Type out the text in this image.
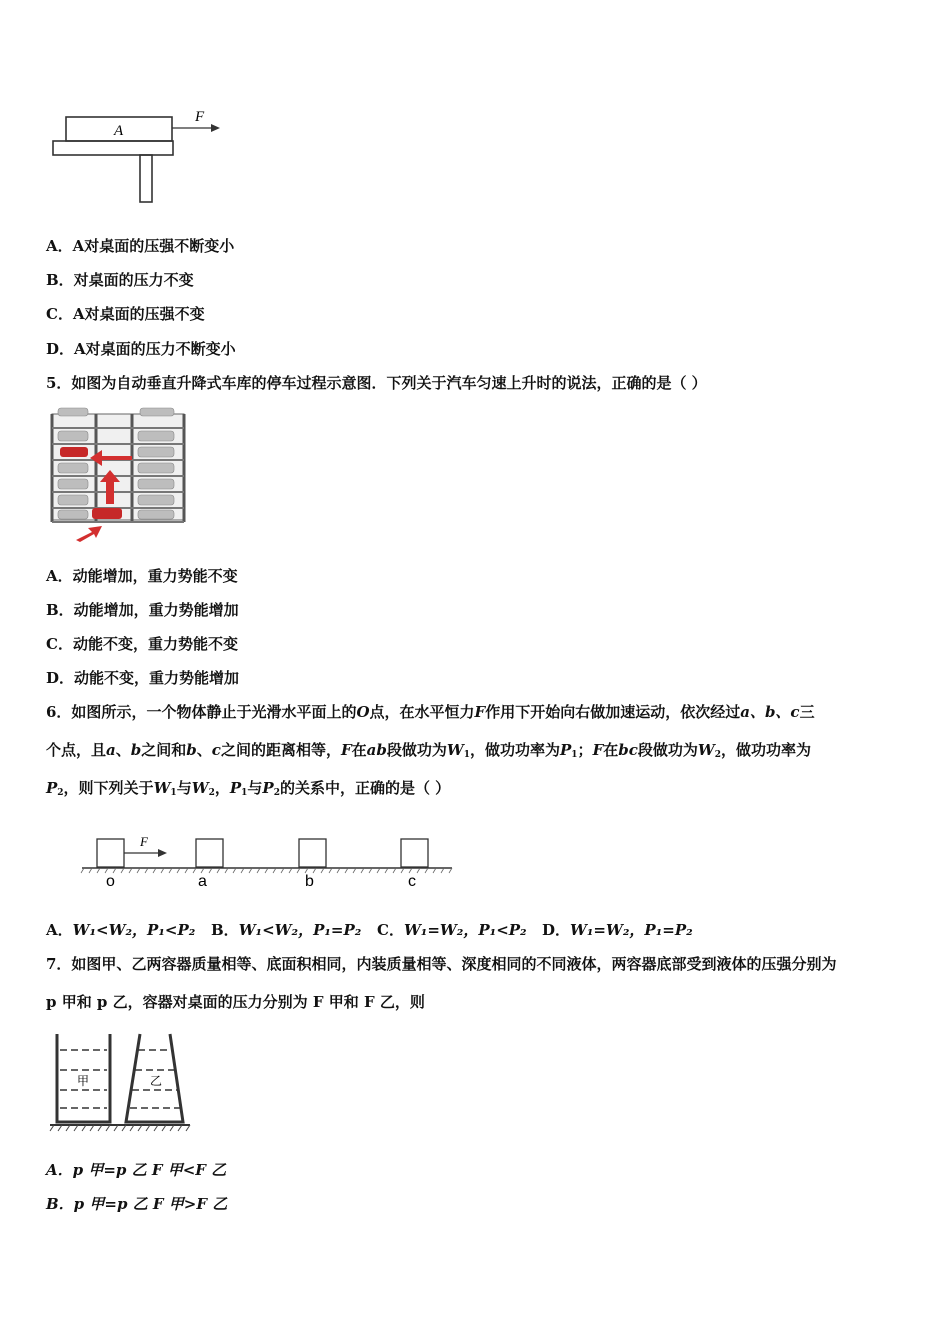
A
F
A．A对桌面的压强不断变小
B．对桌面的压力不变
C．A对桌面的压强不变
D．A对桌面的压力不断变小
5．如图为自动垂直升降式车库的停车过程示意图．下列关于汽车匀速上升时的说法，正确的是（ ）
A．动能增加，重力势能不变
B．动能增加，重力势能增加
C．动能不变，重力势能不变
D．动能不变，重力势能增加
6．如图所示，一个物体静止于光滑水平面上的O点，在水平恒力F作用下开始向右做加速运动，依次经过a、b、c三
个点，且a、b之间和b、c之间的距离相等，F在ab段做功为$W_1$，做功功率为$P_1$；F在bc段做功为$W_2$，做功功率为
$P_2$，则下列关于$W_1$与$W_2$，$P_1$与$P_2$的关系中，正确的是（ ）
F
o	a	b	c
A．W₁<W₂，P₁<P₂ B．W₁<W₂，P₁=P₂ C．W₁=W₂，P₁<P₂ D．W₁=W₂，P₁=P₂
7．如图甲、乙两容器质量相等、底面积相同，内装质量相等、深度相同的不同液体，两容器底部受到液体的压强分别为
p 甲和 p 乙，容器对桌面的压力分别为 F 甲和 F 乙，则
甲	乙
A．p 甲=p 乙 F 甲<F 乙
B．p 甲=p 乙 F 甲>F 乙
